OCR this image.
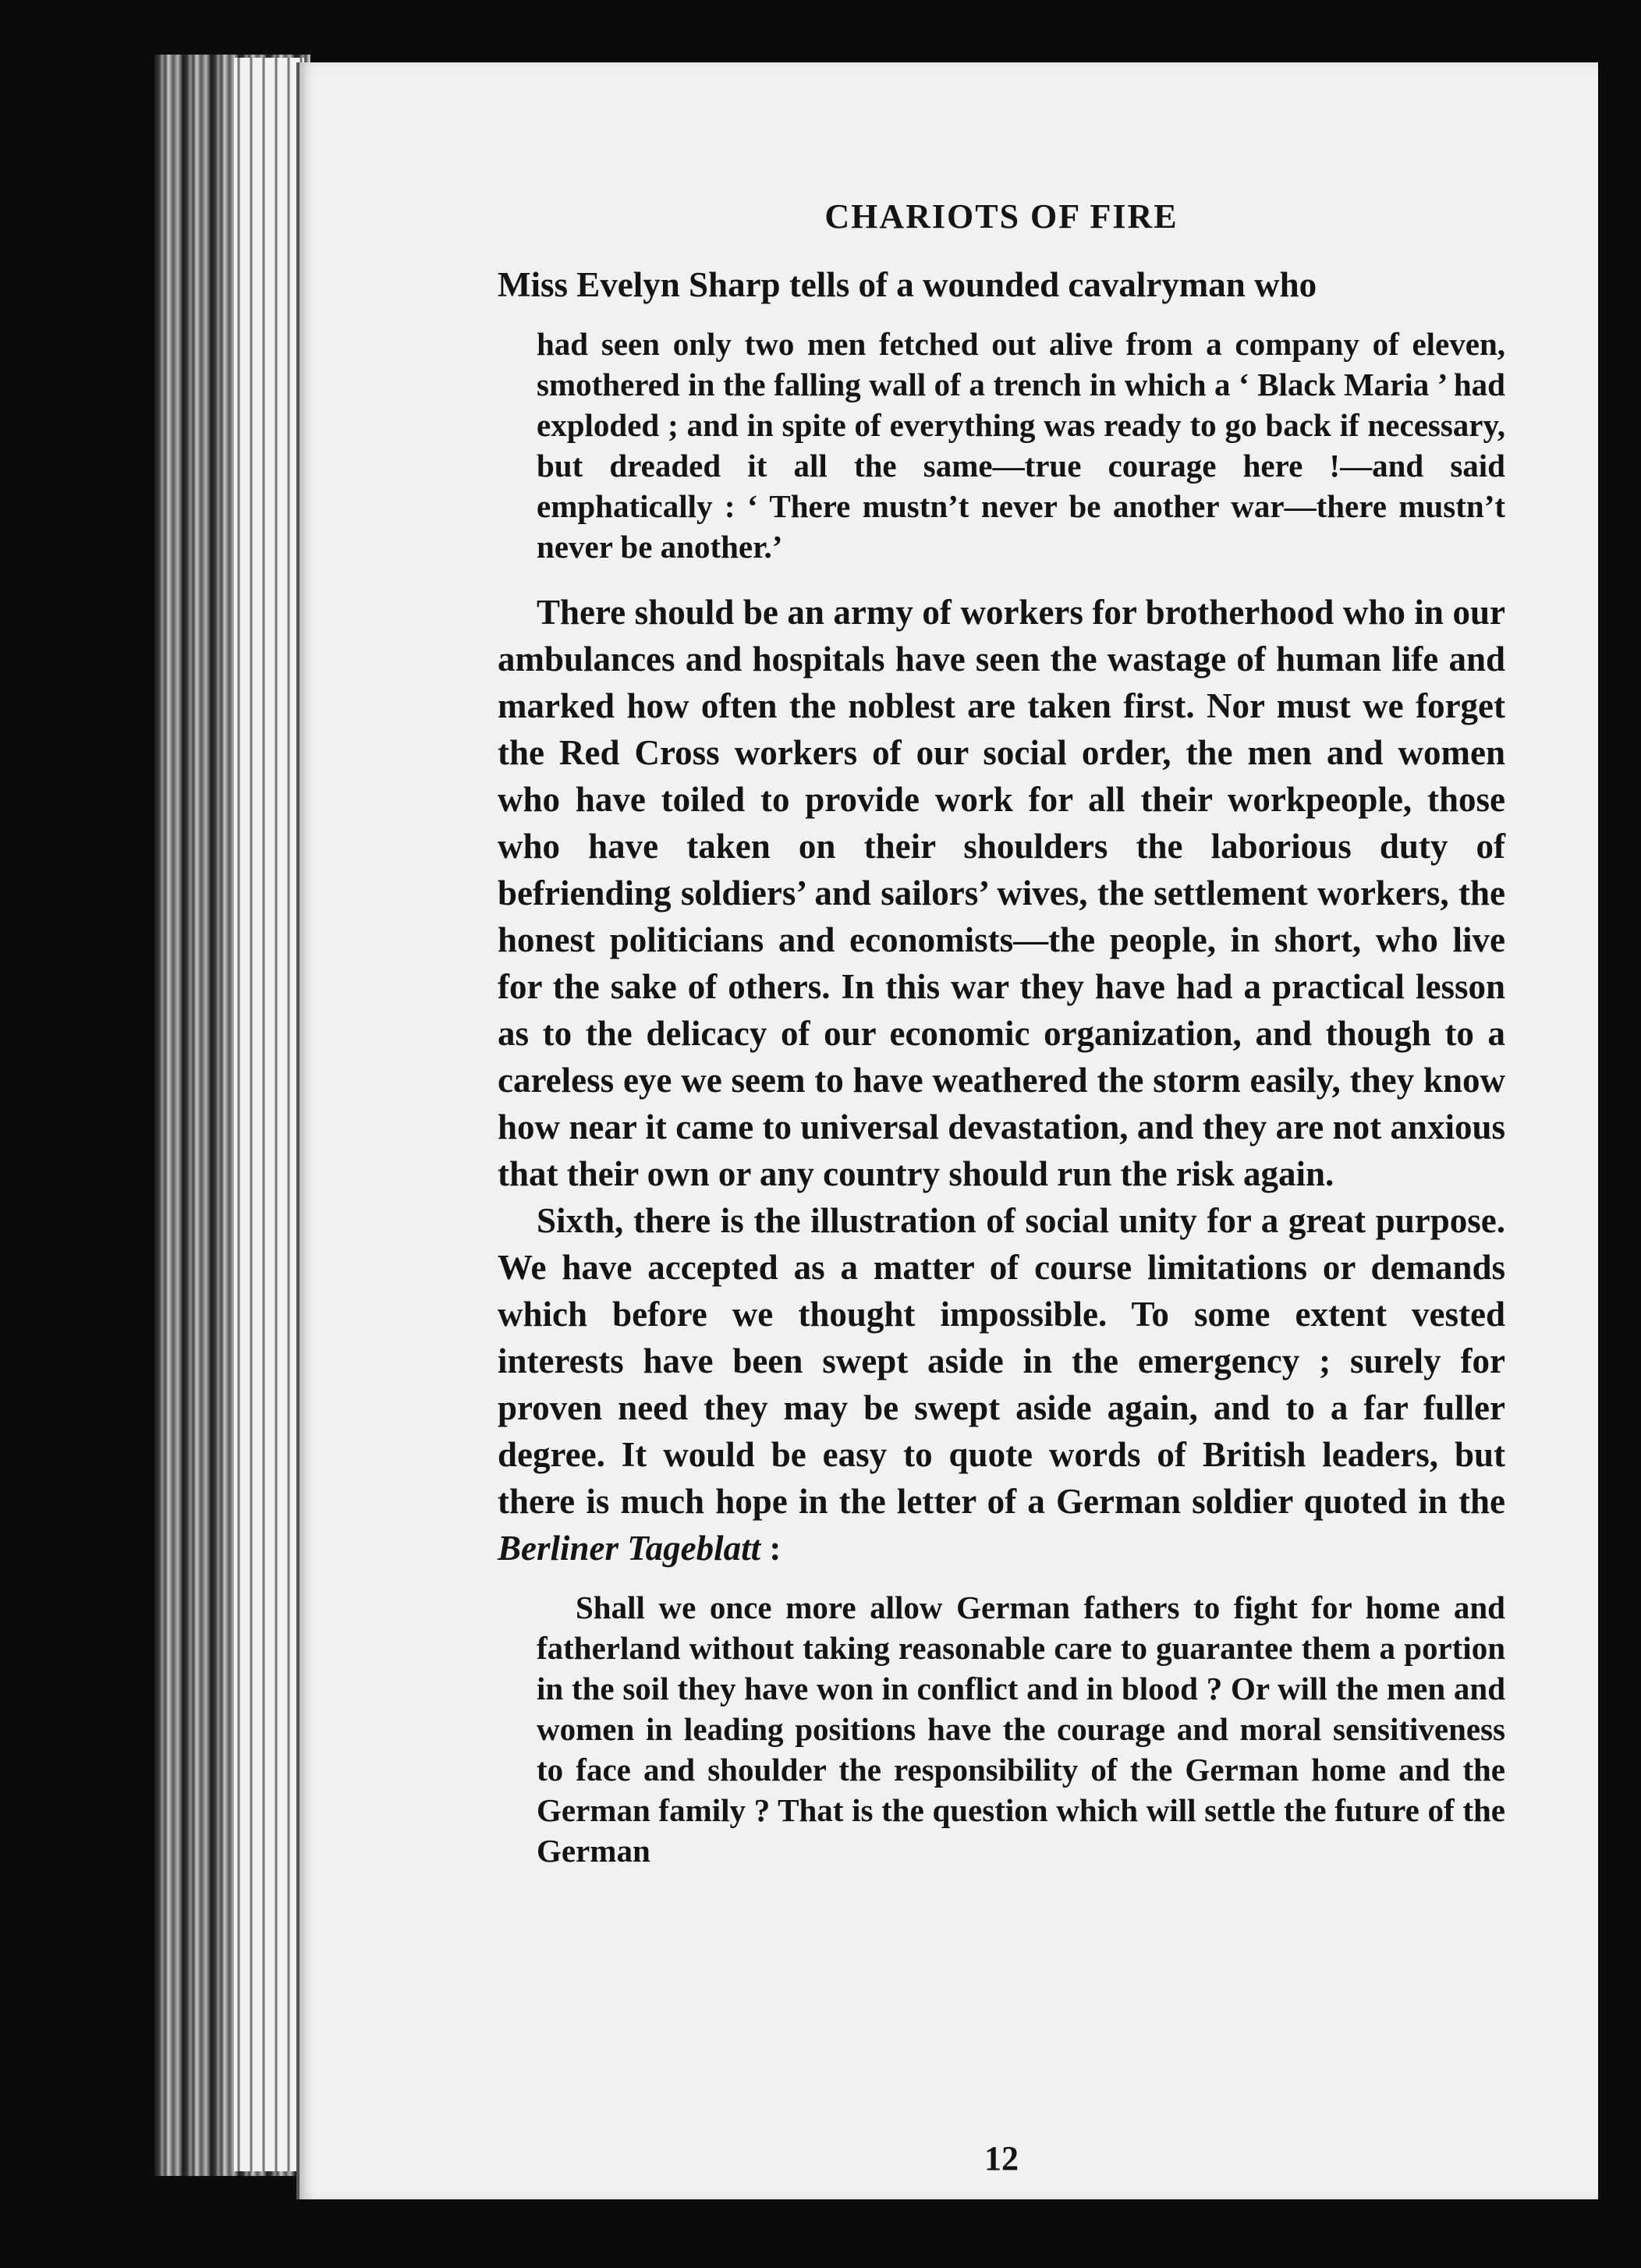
CHARIOTS OF FIRE

Miss Evelyn Sharp tells of a wounded cavalryman who

had seen only two men fetched out alive from a company of eleven, smothered in the falling wall of a trench in which a ‘ Black Maria ’ had exploded ; and in spite of everything was ready to go back if necessary, but dreaded it all the same—true courage here !—and said emphatically : ‘ There mustn’t never be another war—there mustn’t never be another.’

There should be an army of workers for brotherhood who in our ambulances and hospitals have seen the wastage of human life and marked how often the noblest are taken first. Nor must we forget the Red Cross workers of our social order, the men and women who have toiled to provide work for all their workpeople, those who have taken on their shoulders the laborious duty of befriending soldiers’ and sailors’ wives, the settlement workers, the honest politicians and economists—the people, in short, who live for the sake of others. In this war they have had a practical lesson as to the delicacy of our economic organization, and though to a careless eye we seem to have weathered the storm easily, they know how near it came to universal devastation, and they are not anxious that their own or any country should run the risk again.

Sixth, there is the illustration of social unity for a great purpose. We have accepted as a matter of course limitations or demands which before we thought impossible. To some extent vested interests have been swept aside in the emergency ; surely for proven need they may be swept aside again, and to a far fuller degree. It would be easy to quote words of British leaders, but there is much hope in the letter of a German soldier quoted in the Berliner Tageblatt :

Shall we once more allow German fathers to fight for home and fatherland without taking reasonable care to guarantee them a portion in the soil they have won in conflict and in blood ? Or will the men and women in leading positions have the courage and moral sensitiveness to face and shoulder the responsibility of the German home and the German family ? That is the question which will settle the future of the German

12
